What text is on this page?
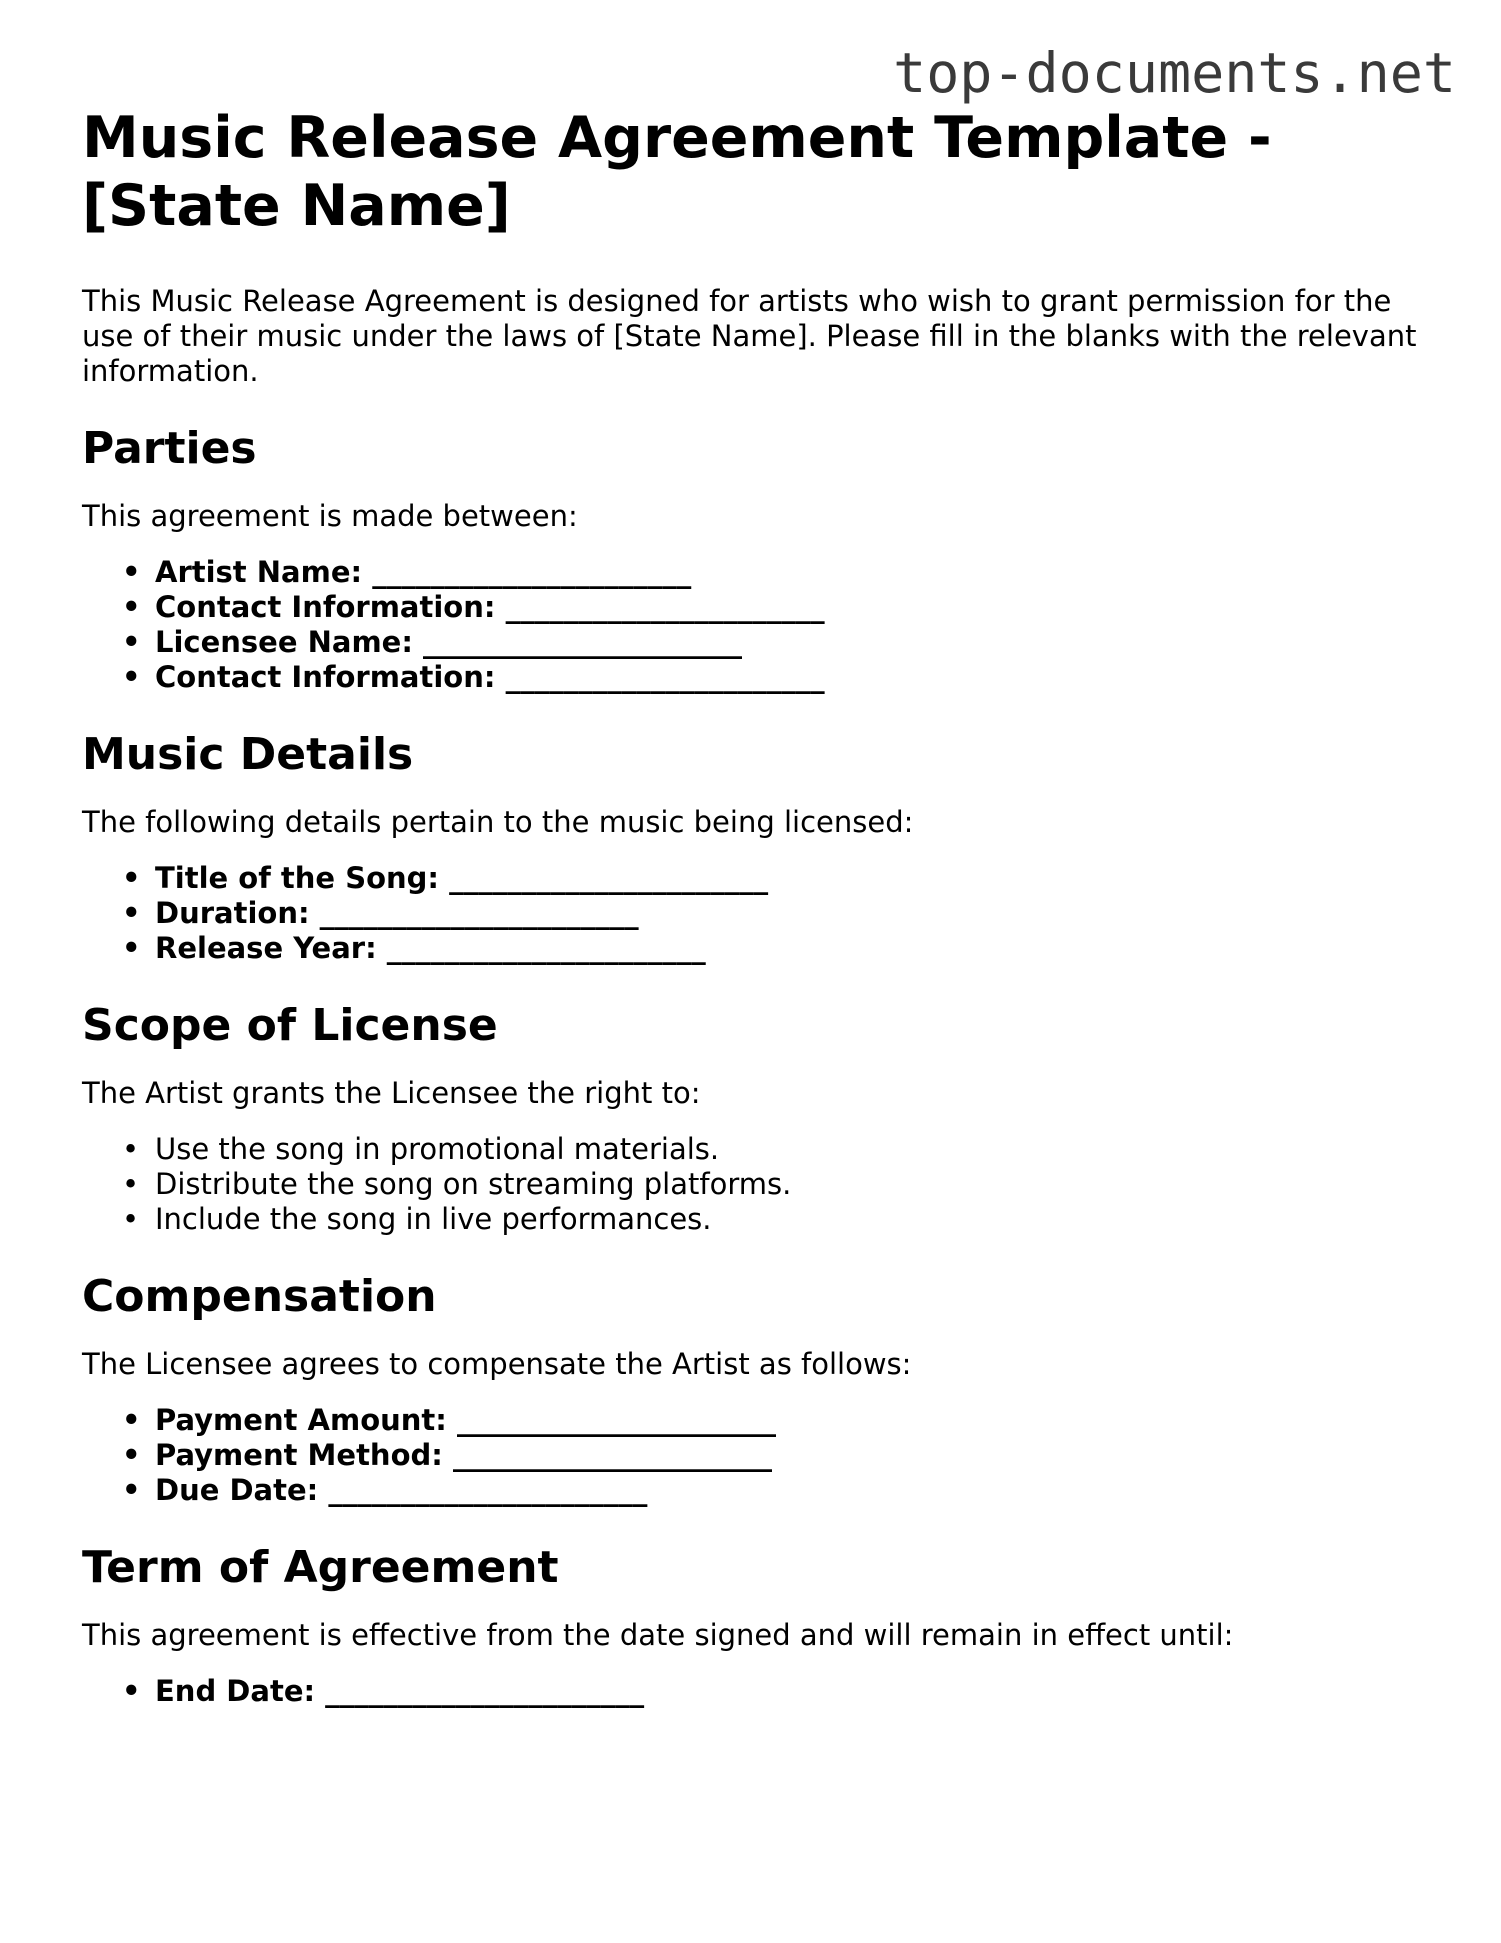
top-documents.net
Music Release Agreement Template - [State Name]

This Music Release Agreement is designed for artists who wish to grant permission for the use of their music under the laws of [State Name]. Please fill in the blanks with the relevant information.

Parties

This agreement is made between:

• Artist Name: ______________________
• Contact Information: ______________________
• Licensee Name: ______________________
• Contact Information: ______________________
Music Details

The following details pertain to the music being licensed:

• Title of the Song: ______________________
• Duration: ______________________
• Release Year: ______________________
Scope of License

The Artist grants the Licensee the right to:

• Use the song in promotional materials.
• Distribute the song on streaming platforms.
• Include the song in live performances.
Compensation

The Licensee agrees to compensate the Artist as follows:

• Payment Amount: ______________________
• Payment Method: ______________________
• Due Date: ______________________
Term of Agreement

This agreement is effective from the date signed and will remain in effect until:

• End Date: ______________________
